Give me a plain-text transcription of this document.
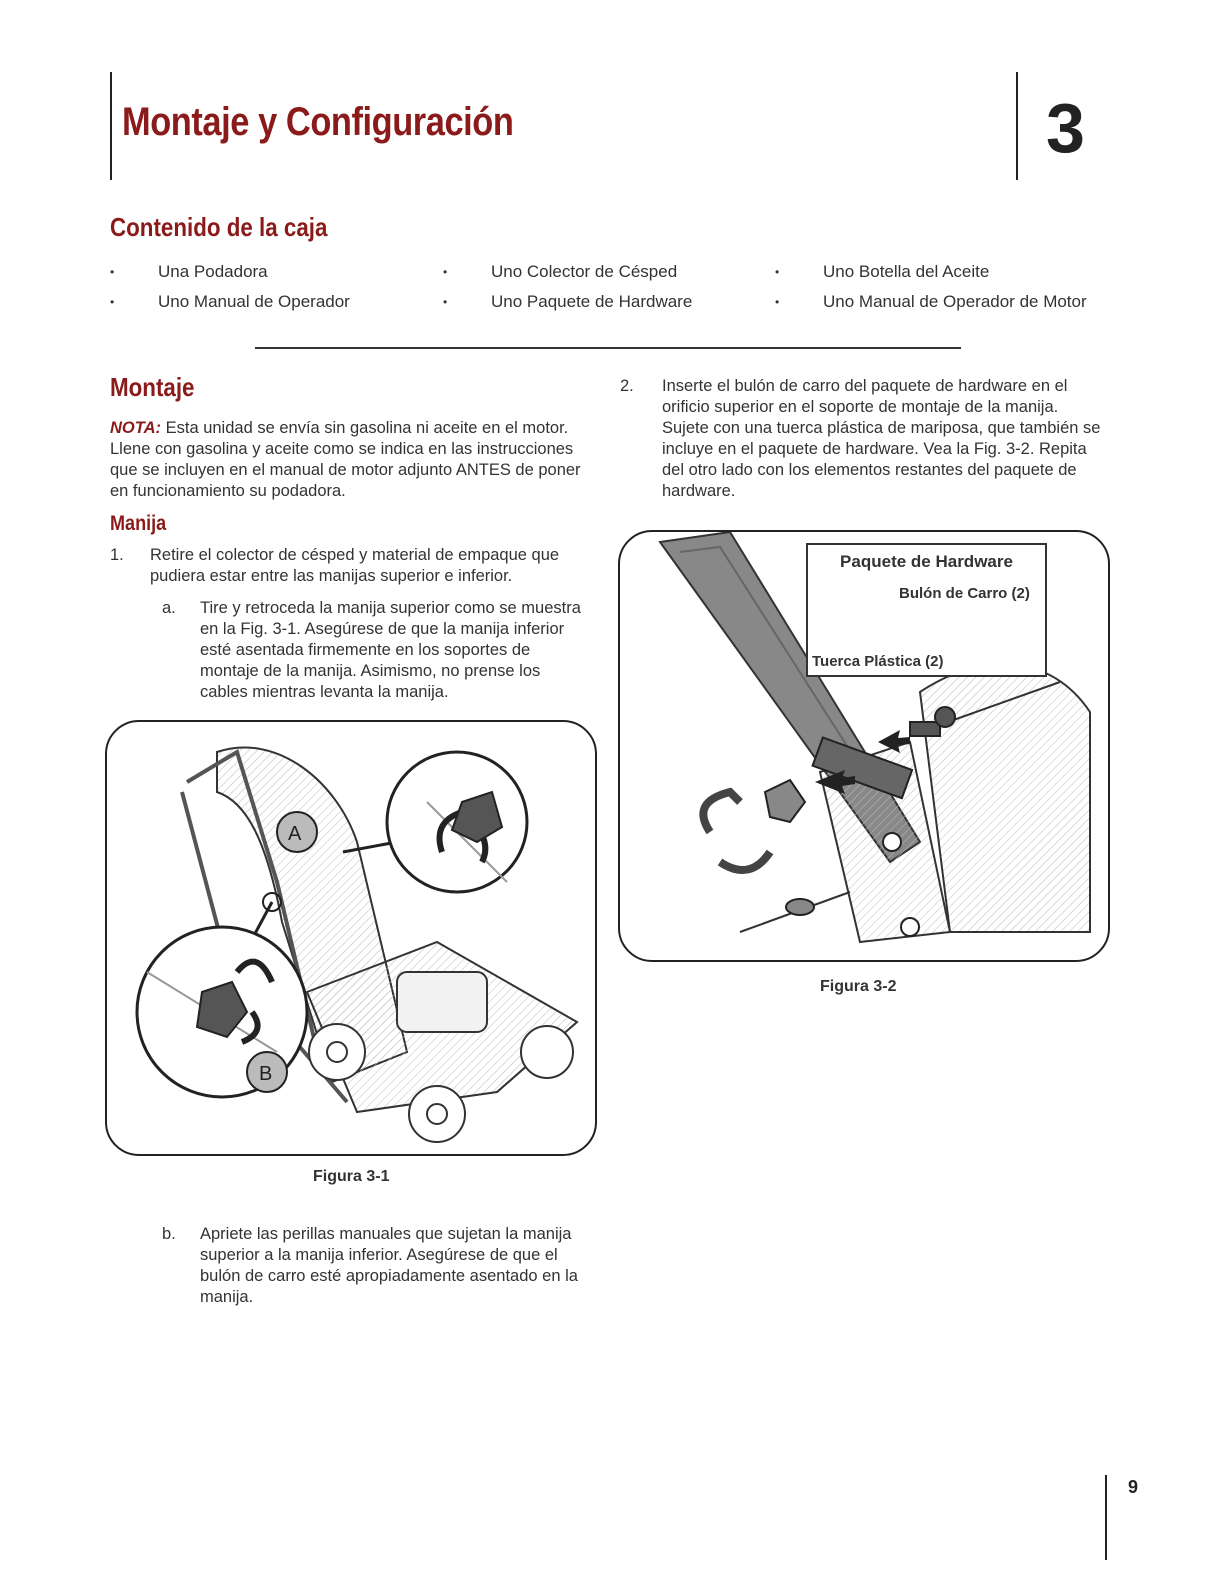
Montaje y Configuración	3
Contenido de la caja
•	Una Podadora	•	Uno Colector de Césped	•	Uno Botella del Aceite
•	Uno Manual de Operador	•	Uno Paquete de Hardware	•	Uno Manual de Operador de Motor
Montaje
NOTA: Esta unidad se envía sin gasolina ni aceite en el motor. Llene con gasolina y aceite como se indica en las instrucciones que se incluyen en el manual de motor adjunto ANTES de poner en funcionamiento su podadora.
Manija
1. Retire el colector de césped y material de empaque que pudiera estar entre las manijas superior e inferior.
a. Tire y retroceda la manija superior como se muestra en la Fig. 3-1. Asegúrese de que la manija inferior esté asentada firmemente en los soportes de montaje de la manija. Asimismo, no prense los cables mientras levanta la manija.
A
B
Figura 3-1
b. Apriete las perillas manuales que sujetan la manija superior a la manija inferior. Asegúrese de que el bulón de carro esté apropiadamente asentado en la manija.
2. Inserte el bulón de carro del paquete de hardware en el orificio superior en el soporte de montaje de la manija. Sujete con una tuerca plástica de mariposa, que también se incluye en el paquete de hardware. Vea la Fig. 3-2. Repita del otro lado con los elementos restantes del paquete de hardware.
Paquete de Hardware
Bulón de Carro (2)
Tuerca Plástica (2)
Figura 3-2
9
